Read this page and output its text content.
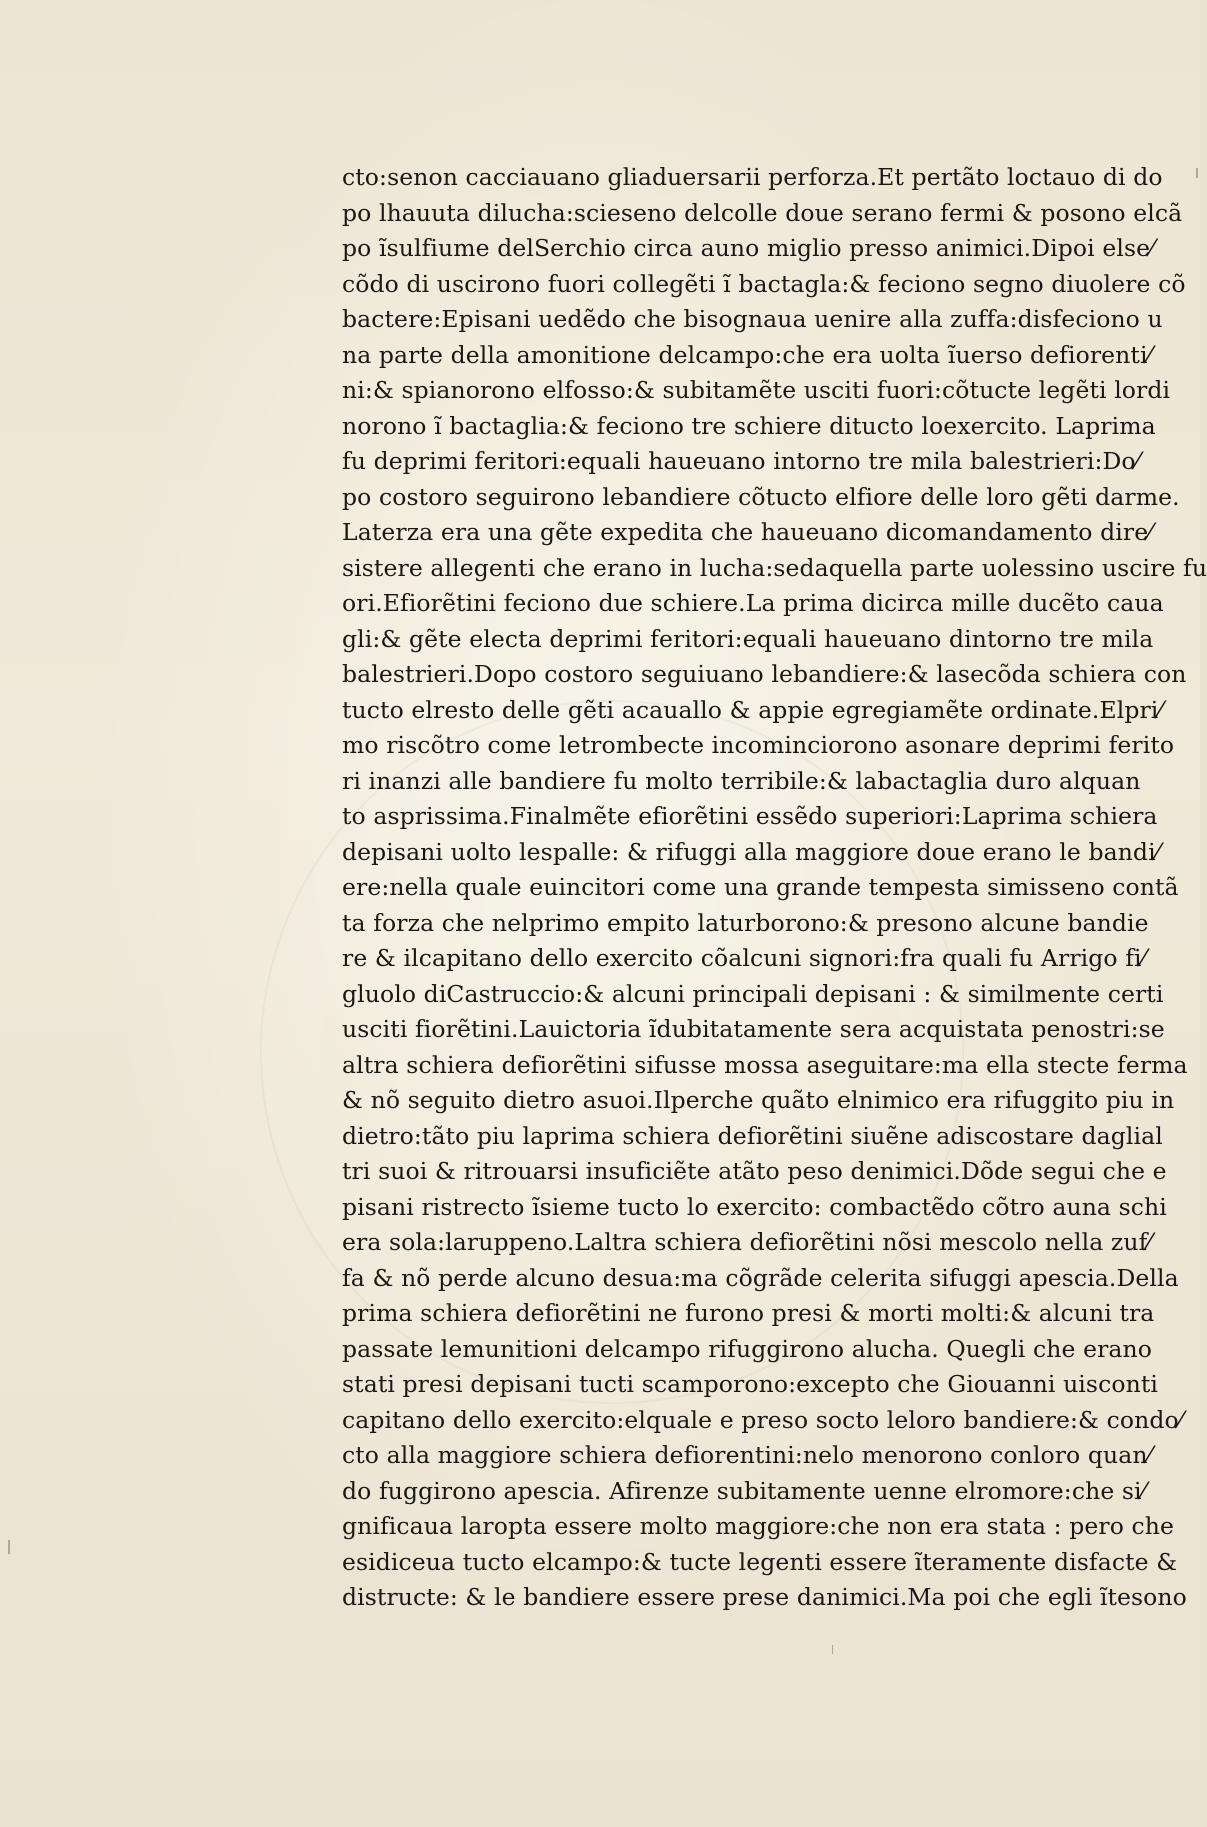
cto:senon cacciauano gliaduersarii perforza.Et pertãto loctauo di do
po lhauuta dilucha:sciesenо delcolle doue serano fermi & posono elcã
po ĩsulfiume delSerchio circa auno miglio presso animici.Dipoi else⁄
cõdo di uscirono fuori collegẽti ĩ bactagla:& fecіono segno diuolere cõ
bactere:Episani uedẽdo che bisognaua uenire alla zuffa:disfeciono u
na parte della amonitione delcampo:che era uolta ĩuerso defiorenti⁄
ni:& spianorono elfosso:& subitamẽte usciti fuori:cõtucte legẽti lordi
norono ĩ bactaglia:& feciono tre schiere ditucto loexercito. Laprima
fu deprimi feritori:equali haueuano intorno tre mila balestrieri:Do⁄
po costoro seguirono lebandiere cõtucto elfiore delle loro gẽti darme.
Laterza era una gẽte expedita che haueuano dicomandamento dire⁄
sistere allegenti che erano in lucha:sedaquella parte uolessino uscire fu
ori.Efiorẽtini feciono due schiere.La prima dicirca mille ducẽto caua
gli:& gẽte electa deprimi feritori:equali haueuano dintorno tre mila
balestrieri.Dopo costoro seguiuano lebandiere:& lasecõda schiera con
tucto elresto delle gẽti acauallo & appie egregiamẽte ordinate.Elpri⁄
mo riscõtro come letrombecte incominciorono asonare deprimi ferito
ri inanzi alle bandiere fu molto terribile:& labactaglia duro alquan
to asprissima.Finalmẽte efiorẽtini essẽdo superiori:Laprima schiera
depisani uolto lespalle: & rifuggi alla maggiore doue erano le bandi⁄
ere:nella quale euincitori come una grande tempesta simissеno contã
ta forza che nelprimo empito laturborono:& presono alcune bandie
re & ilcapitano dello exercito cõalcuni signori:fra quali fu Arrigo fi⁄
gluolo diCastruccio:& alcuni principali depisani : & similmente certi
usciti fiorẽtini.Lauictoria ĩdubitatamente sera acquistata penostri:se
altra schiera defiorẽtini sifusse mossa aseguitare:ma ella stecte ferma
& nõ seguito dietro asuoi.Ilperche quãto elnimico era rifuggito piu in
dietro:tãto piu laprima schiera defiorẽtini siuẽne adiscostare daglial
tri suoi & ritrouarsi insuficiẽte atãto peso denimici.Dõde segui che e
pisani ristrecto ĩsieme tucto lo exercito: combactẽdo cõtro auna schi
era sola:laruppeno.Laltra schiera defiorẽtini nõsi mescolo nella zuf⁄
fa & nõ perde alcuno desua:ma cõgrãde celerita sifuggi apescia.Della
prima schiera defiorẽtini ne furono presi & morti molti:& alcuni tra
passate lemunitioni delcampo rifuggirono alucha. Quegli che erano
stati presi depisani tucti scamporono:excepto che Giouanni uisconti
capitano dello exercito:elquale e preso socto leloro bandiere:& condo⁄
cto alla maggiore schiera defiorentini:nelo menorono conloro quan⁄
do fuggirono apescia. Afirenze subitamente uenne elromore:che si⁄
gnificaua laropta essere molto maggiore:che non era stata : pero che
esidiceua tucto elcampo:& tucte legenti essere ĩteramente disfacte &
distructe: & le bandiere essere prese danimici.Ma poi che egli ĩtesono
